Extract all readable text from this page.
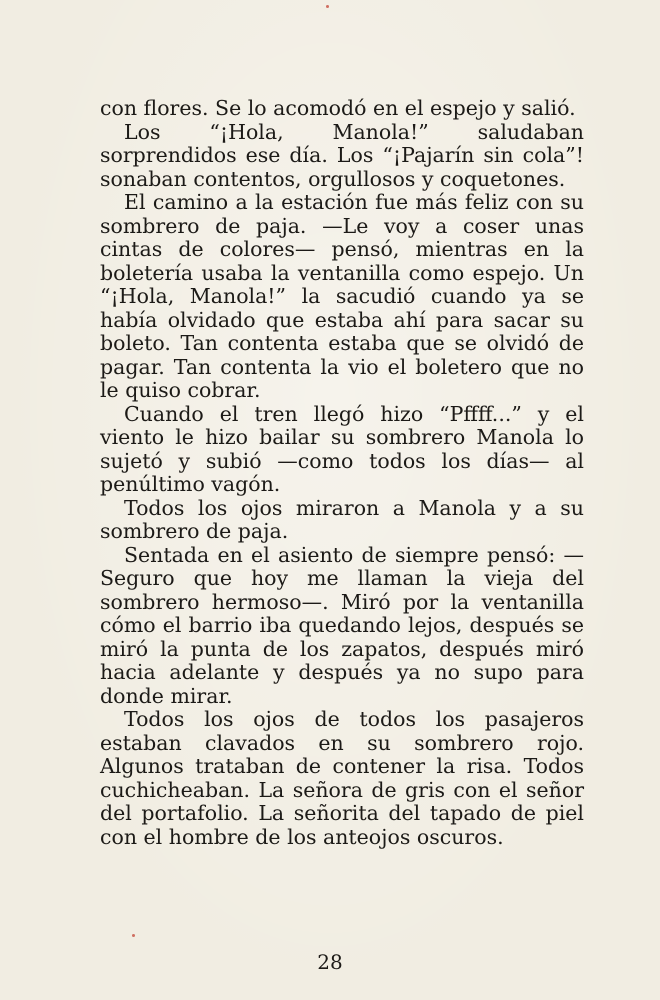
con flores. Se lo acomodó en el espejo y salió.

Los “¡Hola, Manola!” saludaban sorprendidos ese día. Los “¡Pajarín sin cola”! sonaban contentos, orgullosos y coquetones.

El camino a la estación fue más feliz con su sombrero de paja. —Le voy a coser unas cintas de colores— pensó, mientras en la boletería usaba la ventanilla como espejo. Un “¡Hola, Manola!” la sacudió cuando ya se había olvidado que estaba ahí para sacar su boleto. Tan contenta estaba que se olvidó de pagar. Tan contenta la vio el boletero que no le quiso cobrar.

Cuando el tren llegó hizo “Pffff...” y el viento le hizo bailar su sombrero Manola lo sujetó y subió —como todos los días— al penúltimo vagón.

Todos los ojos miraron a Manola y a su sombrero de paja.

Sentada en el asiento de siempre pensó: —Seguro que hoy me llaman la vieja del sombrero hermoso—. Miró por la ventanilla cómo el barrio iba quedando lejos, después se miró la punta de los zapatos, después miró hacia adelante y después ya no supo para donde mirar.

Todos los ojos de todos los pasajeros estaban clavados en su sombrero rojo. Algunos trataban de contener la risa. Todos cuchicheaban. La señora de gris con el señor del portafolio. La señorita del tapado de piel con el hombre de los anteojos oscuros.

28
